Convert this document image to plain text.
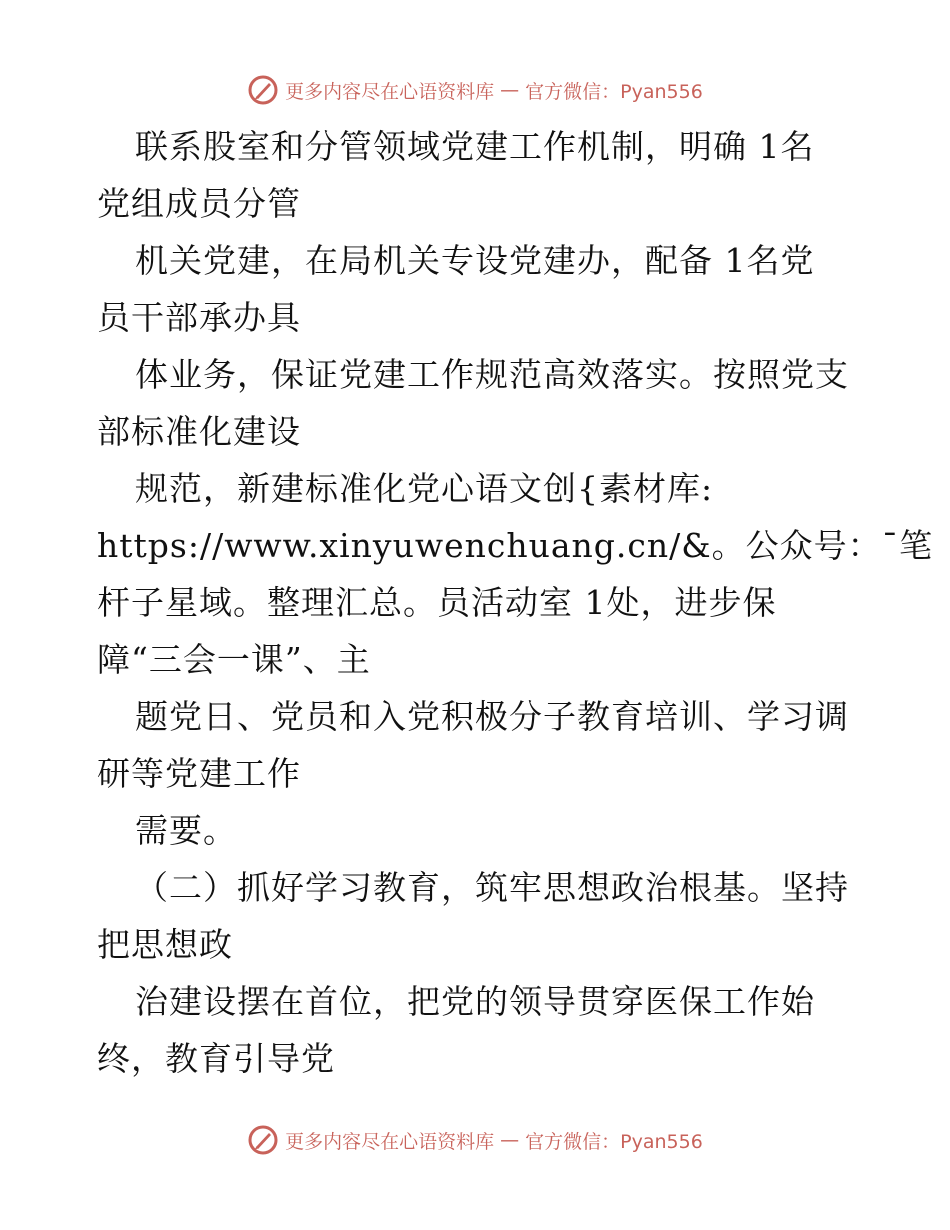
更多内容尽在心语资料库 — 官方微信：Pyan556
联系股室和分管领域党建工作机制，明确 1名
党组成员分管
机关党建，在局机关专设党建办，配备 1名党
员干部承办具
体业务，保证党建工作规范高效落实。按照党支
部标准化建设
规范，新建标准化党心语文创{素材库:
https://www.xinyuwenchuang.cn/&。公众号：¯笔
杆子星域。整理汇总。员活动室 1处，进步保
障“三会一课”、主
题党日、党员和入党积极分子教育培训、学习调
研等党建工作
需要。
（二）抓好学习教育，筑牢思想政治根基。坚持
把思想政
治建设摆在首位，把党的领导贯穿医保工作始
终，教育引导党
更多内容尽在心语资料库 — 官方微信：Pyan556
